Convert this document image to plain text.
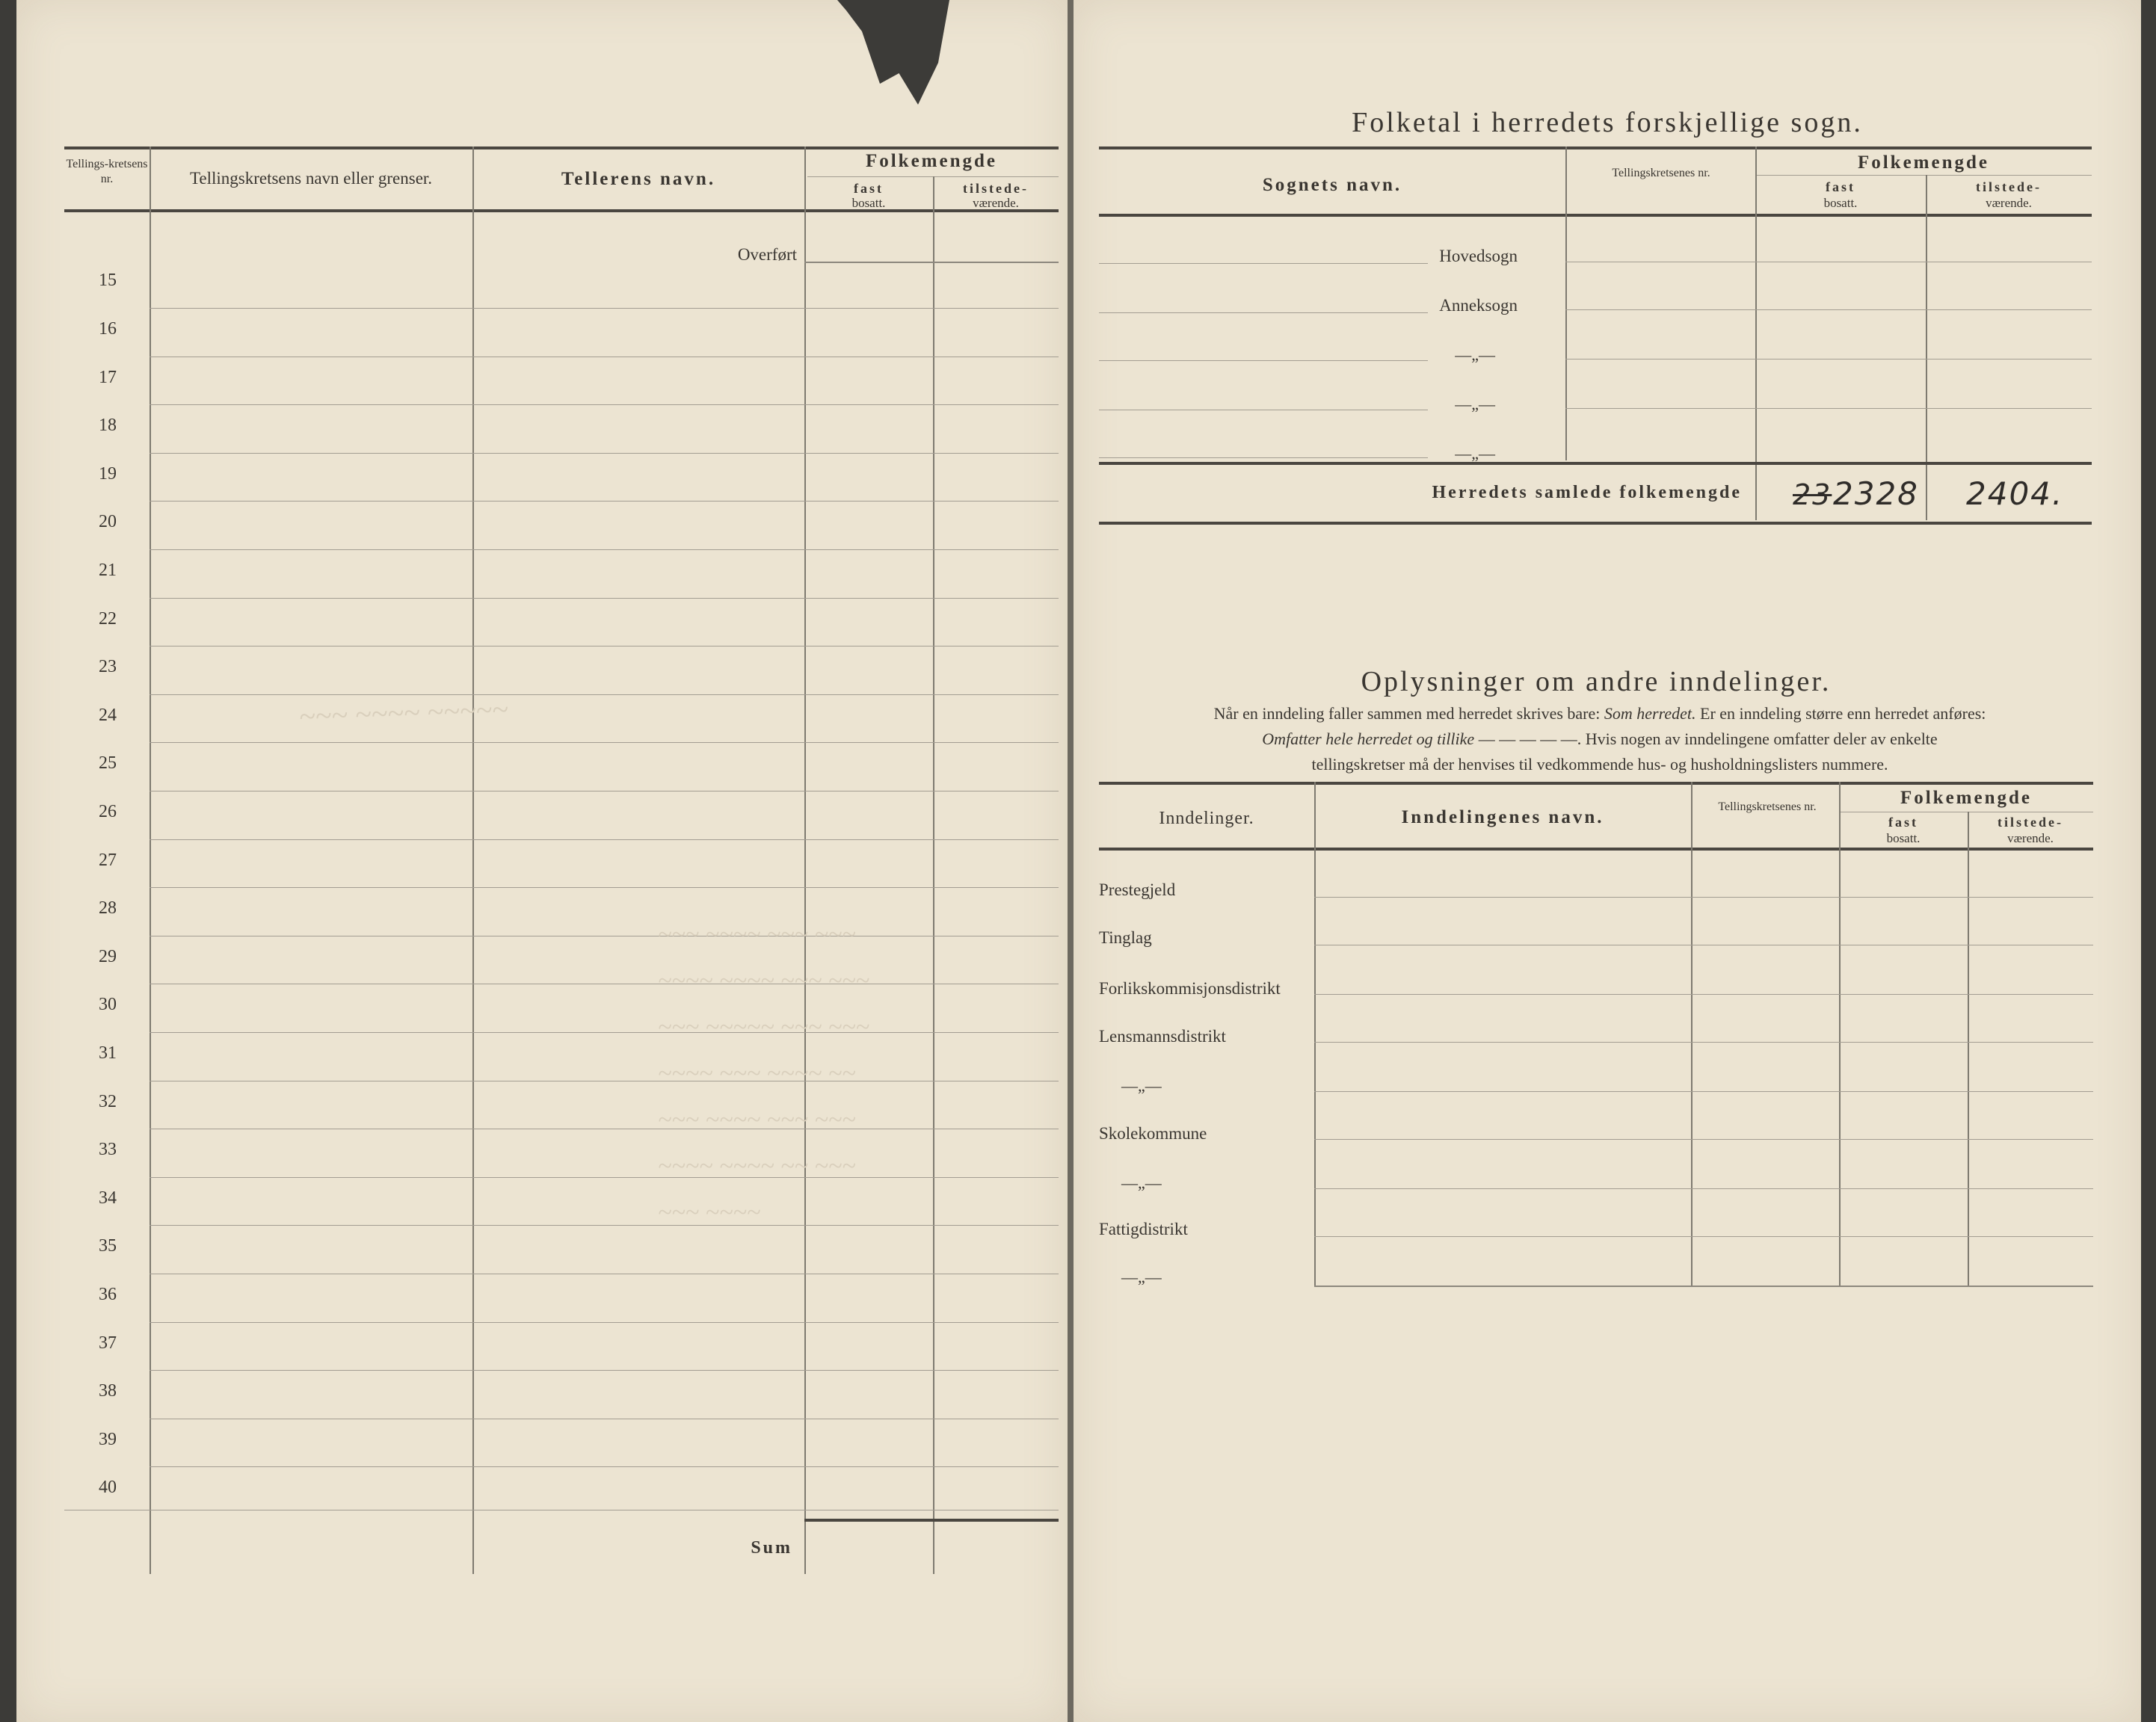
Tellings-kretsens nr.	Tellingskretsens navn eller grenser.	Tellerens navn.
Folkemengde
fast
bosatt.
tilstede-
værende.
Overført
15
16
17
18
19
20
21
22
23
24
25
26
27
28
29
30
31
32
33
34
35
36
37
38
39
40
Sum
~~~ ~~~~ ~~~~~
~~~ ~~~~ ~~~ ~~~
~~~~ ~~~~ ~~~ ~~~
~~~ ~~~~~ ~~~ ~~~
~~~~ ~~~ ~~~~ ~~
~~~ ~~~~ ~~~ ~~~
~~~~ ~~~~ ~~ ~~~
~~~ ~~~~
Folketal i herredets forskjellige sogn.
Sognets navn.
Tellingskretsenes nr.
Folkemengde
fast
bosatt.
tilstede-
værende.
Hovedsogn
Anneksogn
—„—
—„—
—„—
Herredets samlede folkemengde 23 2328 2404.
Oplysninger om andre inndelinger.
Når en inndeling faller sammen med herredet skrives bare: Som herredet. Er en inndeling større enn herredet anføres:
Omfatter hele herredet og tillike — — — — —. Hvis nogen av inndelingene omfatter deler av enkelte
tellingskretser må der henvises til vedkommende hus- og husholdningslisters nummere.
Inndelinger.	Inndelingenes navn.
Tellingskretsenes nr.	Folkemengde
fast
bosatt.
tilstede-
værende.
Prestegjeld
Tinglag
Forlikskommisjonsdistrikt
Lensmannsdistrikt
—„—
Skolekommune
—„—
Fattigdistrikt
—„—
